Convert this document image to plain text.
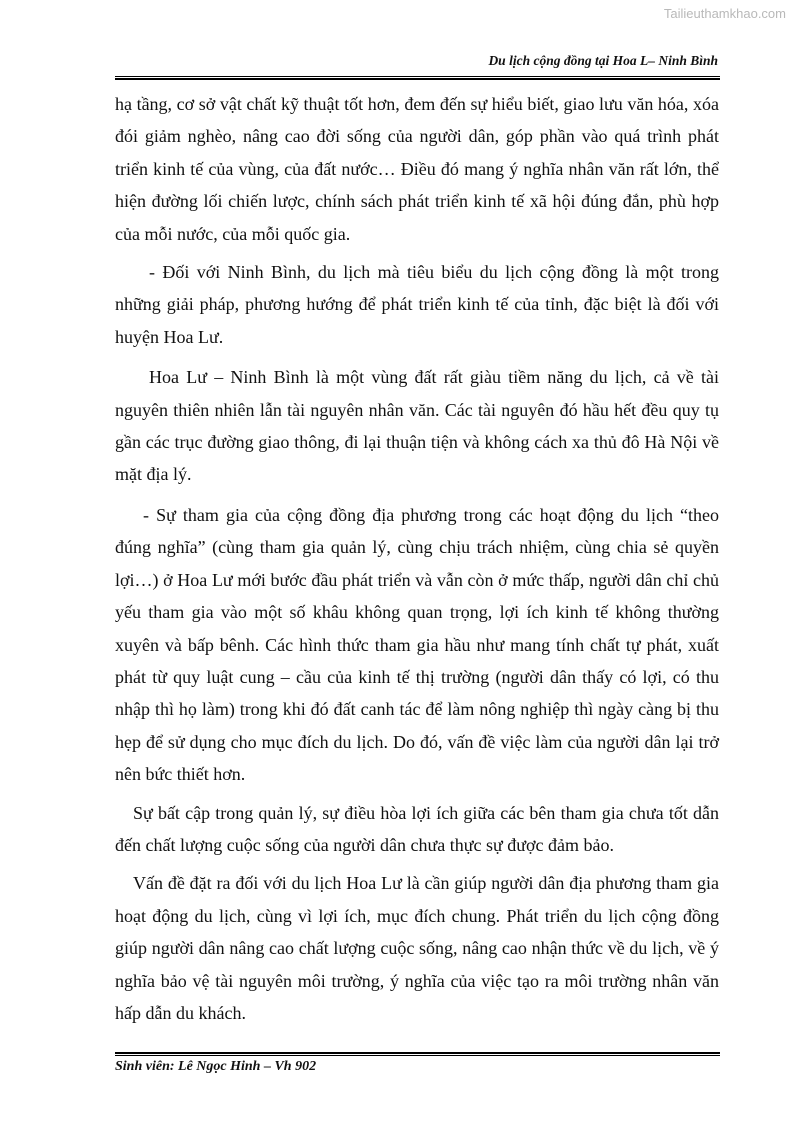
Tailieuthamkhao.com
Du lịch cộng đồng tại Hoa L– Ninh Bình

hạ tầng, cơ sở vật chất kỹ thuật tốt hơn, đem đến sự hiểu biết, giao lưu văn hóa, xóa đói giảm nghèo, nâng cao đời sống của người dân, góp phần vào quá trình phát triển kinh tế của vùng, của đất nước… Điều đó mang ý nghĩa nhân văn rất lớn, thể hiện đường lối chiến lược, chính sách phát triển kinh tế xã hội đúng đắn, phù hợp của mỗi nước, của mỗi quốc gia.

- Đối với Ninh Bình, du lịch mà tiêu biểu du lịch cộng đồng là một trong những giải pháp, phương hướng để phát triển kinh tế của tỉnh, đặc biệt là đối với huyện Hoa Lư.

Hoa Lư – Ninh Bình là một vùng đất rất giàu tiềm năng du lịch, cả về tài nguyên thiên nhiên lẫn tài nguyên nhân văn. Các tài nguyên đó hầu hết đều quy tụ gần các trục đường giao thông, đi lại thuận tiện và không cách xa thủ đô Hà Nội về mặt địa lý.

- Sự tham gia của cộng đồng địa phương trong các hoạt động du lịch “theo đúng nghĩa” (cùng tham gia quản lý, cùng chịu trách nhiệm, cùng chia sẻ quyền lợi…) ở Hoa Lư mới bước đầu phát triển và vẫn còn ở mức thấp, người dân chỉ chủ yếu tham gia vào một số khâu không quan trọng, lợi ích kinh tế không thường xuyên và bấp bênh. Các hình thức tham gia hầu như mang tính chất tự phát, xuất phát từ quy luật cung – cầu của kinh tế thị trường (người dân thấy có lợi, có thu nhập thì họ làm) trong khi đó đất canh tác để làm nông nghiệp thì ngày càng bị thu hẹp để sử dụng cho mục đích du lịch. Do đó, vấn đề việc làm của người dân lại trở nên bức thiết hơn.

Sự bất cập trong quản lý, sự điều hòa lợi ích giữa các bên tham gia chưa tốt dẫn đến chất lượng cuộc sống của người dân chưa thực sự được đảm bảo.

Vấn đề đặt ra đối với du lịch Hoa Lư là cần giúp người dân địa phương tham gia hoạt động du lịch, cùng vì lợi ích, mục đích chung. Phát triển du lịch cộng đồng giúp người dân nâng cao chất lượng cuộc sống, nâng cao nhận thức về du lịch, về ý nghĩa bảo vệ tài nguyên môi trường, ý nghĩa của việc tạo ra môi trường nhân văn hấp dẫn du khách.

Sinh viên: Lê Ngọc Hinh – Vh 902
